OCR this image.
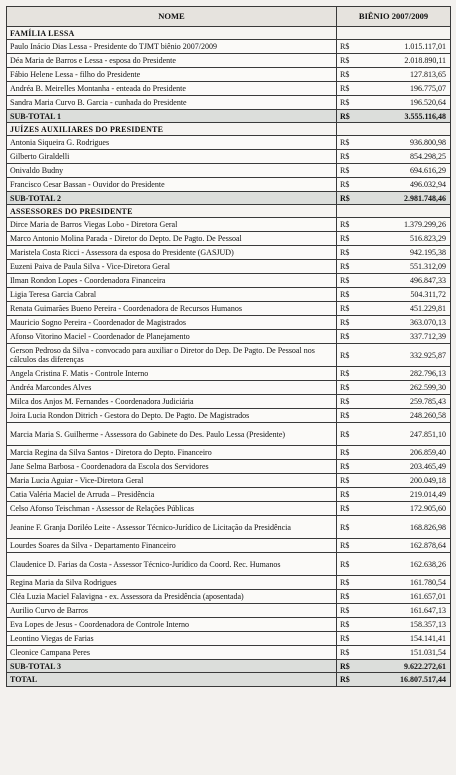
NOME	BIÊNIO 2007/2009	
FAMÍLIA LESSA		
Paulo Inácio Dias Lessa - Presidente do TJMT biênio 2007/2009	R$	1.015.117,01
Déa Maria de Barros e Lessa - esposa do Presidente	R$	2.018.890,11
Fábio Helene Lessa - filho do Presidente	R$	127.813,65
Andréa B. Meirelles Montanha - enteada do Presidente	R$	196.775,07
Sandra Maria Curvo B. Garcia - cunhada do Presidente	R$	196.520,64
SUB-TOTAL 1	R$	3.555.116,48
JUÍZES AUXILIARES DO PRESIDENTE		
Antonia Siqueira G. Rodrigues	R$	936.800,98
Gilberto Giraldelli	R$	854.298,25
Onivaldo Budny	R$	694.616,29
Francisco Cesar Bassan - Ouvidor do Presidente	R$	496.032,94
SUB-TOTAL 2	R$	2.981.748,46
ASSESSORES DO PRESIDENTE		
Dirce Maria de Barros Viegas Lobo - Diretora Geral	R$	1.379.299,26
Marco Antonio Molina Parada - Diretor do Depto. De Pagto. De Pessoal	R$	516.823,29
Maristela Costa Ricci - Assessora da esposa do Presidente (GASJUD)	R$	942.195,38
Euzeni Paiva de Paula Silva - Vice-Diretora Geral	R$	551.312,09
Ilman Rondon Lopes - Coordenadora Financeira	R$	496.847,33
Ligia Teresa Garcia Cabral	R$	504.311,72
Renata Guimarães Bueno Pereira - Coordenadora de Recursos Humanos	R$	451.229,81
Mauricio Sogno Pereira - Coordenador de Magistrados	R$	363.070,13
Afonso Vitorino Maciel - Coordenador de Planejamento	R$	337.712,39
Gerson Pedroso da Silva - convocado para auxiliar o Diretor do Dep. De Pagto. De Pessoal nos cálculos das diferenças	R$	332.925,87
Angela Cristina F. Matis - Controle Interno	R$	282.796,13
Andréa Marcondes Alves	R$	262.599,30
Milca dos Anjos M. Fernandes - Coordenadora Judiciária	R$	259.785,43
Joira Lucia Rondon Ditrich - Gestora do Depto. De Pagto. De Magistrados	R$	248.260,58
Marcia Maria S. Guilherme - Assessora do Gabinete do Des. Paulo Lessa (Presidente)	R$	247.851,10
Marcia Regina da Silva Santos - Diretora do Depto. Financeiro	R$	206.859,40
Jane Selma Barbosa - Coordenadora da Escola dos Servidores	R$	203.465,49
Maria Lucia Aguiar - Vice-Diretora Geral	R$	200.049,18
Catia Valéria Maciel de Arruda – Presidência	R$	219.014,49
Celso Afonso Teischman - Assessor de Relações Públicas	R$	172.905,60
Jeanine F. Granja Doriléo Leite - Assessor Técnico-Jurídico de Licitação da Presidência	R$	168.826,98
Lourdes Soares da Silva - Departamento Financeiro	R$	162.878,64
Claudenice D. Farias da Costa - Assessor Técnico-Jurídico da Coord. Rec. Humanos	R$	162.638,26
Regina Maria da Silva Rodrigues	R$	161.780,54
Cléa Luzia Maciel Falavigna - ex. Assessora da Presidência (aposentada)	R$	161.657,01
Aurilio Curvo de Barros	R$	161.647,13
Eva Lopes de Jesus - Coordenadora de Controle Interno	R$	158.357,13
Leontino Viegas de Farias	R$	154.141,41
Cleonice Campana Peres	R$	151.031,54
SUB-TOTAL 3	R$	9.622.272,61
TOTAL	R$	16.807.517,44
